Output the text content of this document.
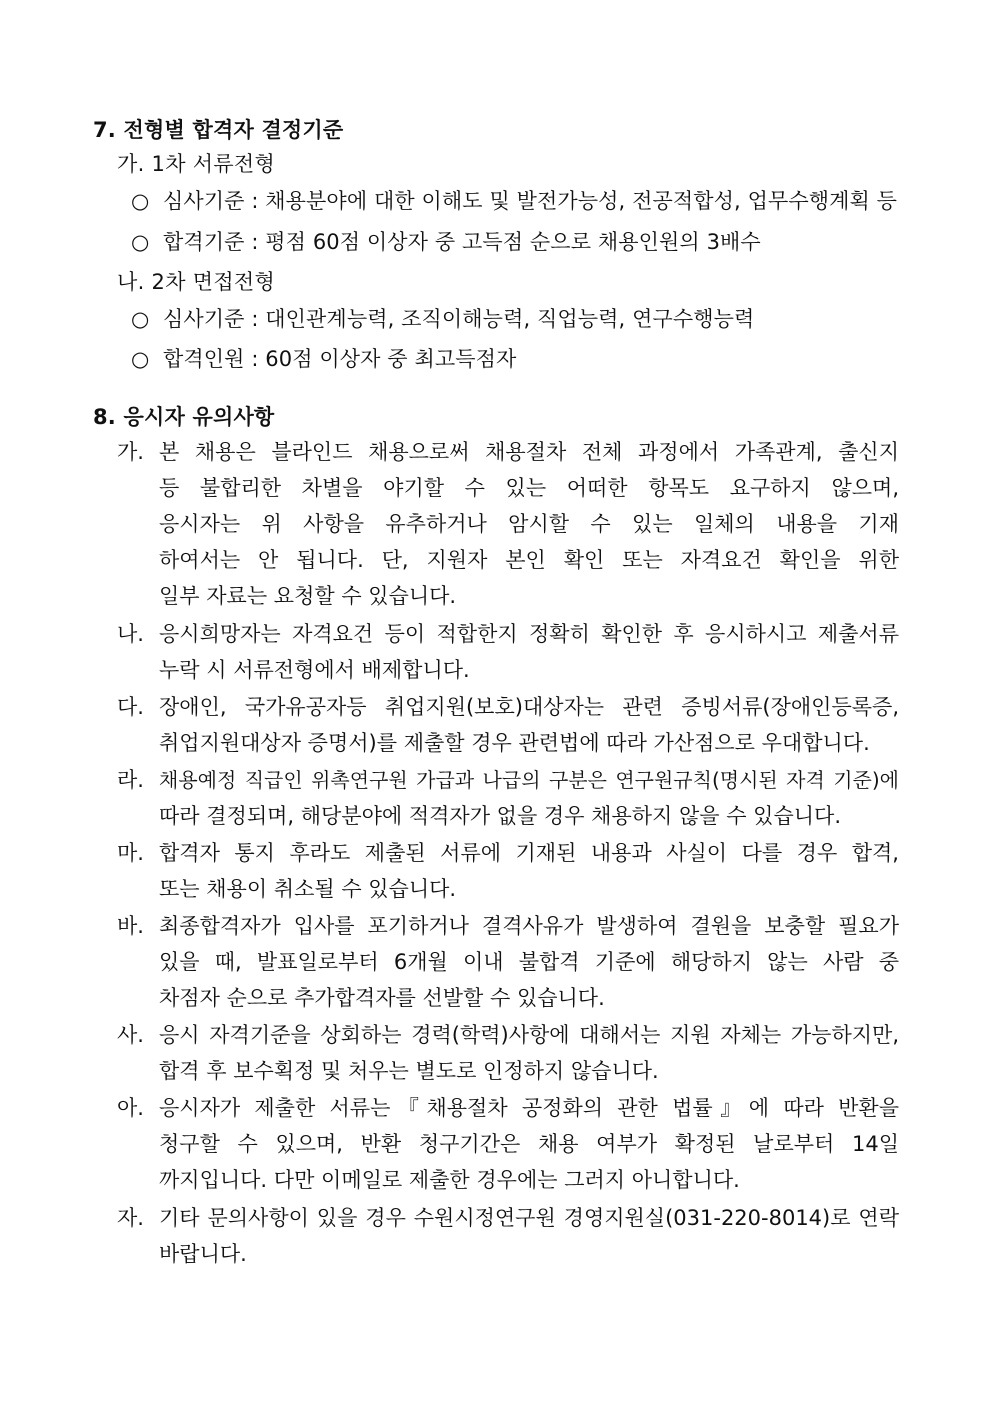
7. 전형별 합격자 결정기준
가. 1차 서류전형
○ 심사기준 : 채용분야에 대한 이해도 및 발전가능성, 전공적합성, 업무수행계획 등
○ 합격기준 : 평점 60점 이상자 중 고득점 순으로 채용인원의 3배수
나. 2차 면접전형
○ 심사기준 : 대인관계능력, 조직이해능력, 직업능력, 연구수행능력
○ 합격인원 : 60점 이상자 중 최고득점자
8. 응시자 유의사항
가. 본 채용은 블라인드 채용으로써 채용절차 전체 과정에서 가족관계, 출신지
등 불합리한 차별을 야기할 수 있는 어떠한 항목도 요구하지 않으며,
응시자는 위 사항을 유추하거나 암시할 수 있는 일체의 내용을 기재
하여서는 안 됩니다. 단, 지원자 본인 확인 또는 자격요건 확인을 위한
일부 자료는 요청할 수 있습니다.
나. 응시희망자는 자격요건 등이 적합한지 정확히 확인한 후 응시하시고 제출서류
누락 시 서류전형에서 배제합니다.
다. 장애인, 국가유공자등 취업지원(보호)대상자는 관련 증빙서류(장애인등록증,
취업지원대상자 증명서)를 제출할 경우 관련법에 따라 가산점으로 우대합니다.
라. 채용예정 직급인 위촉연구원 가급과 나급의 구분은 연구원규칙(명시된 자격 기준)에
따라 결정되며, 해당분야에 적격자가 없을 경우 채용하지 않을 수 있습니다.
마. 합격자 통지 후라도 제출된 서류에 기재된 내용과 사실이 다를 경우 합격,
또는 채용이 취소될 수 있습니다.
바. 최종합격자가 입사를 포기하거나 결격사유가 발생하여 결원을 보충할 필요가
있을 때, 발표일로부터 6개월 이내 불합격 기준에 해당하지 않는 사람 중
차점자 순으로 추가합격자를 선발할 수 있습니다.
사. 응시 자격기준을 상회하는 경력(학력)사항에 대해서는 지원 자체는 가능하지만,
합격 후 보수획정 및 처우는 별도로 인정하지 않습니다.
아. 응시자가 제출한 서류는『채용절차 공정화의 관한 법률』에 따라 반환을
청구할 수 있으며, 반환 청구기간은 채용 여부가 확정된 날로부터 14일
까지입니다. 다만 이메일로 제출한 경우에는 그러지 아니합니다.
자. 기타 문의사항이 있을 경우 수원시정연구원 경영지원실(031-220-8014)로 연락
바랍니다.
